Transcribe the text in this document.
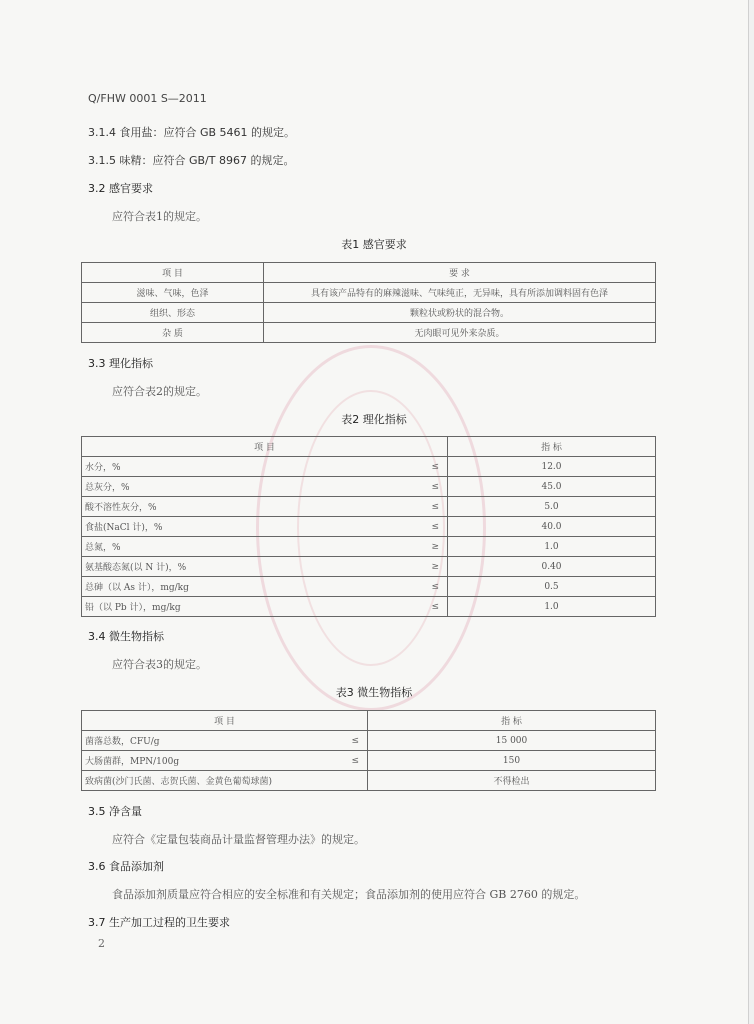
Q/FHW 0001 S—2011
3.1.4 食用盐：应符合 GB 5461 的规定。
3.1.5 味精：应符合 GB/T 8967 的规定。
3.2 感官要求
应符合表1的规定。
表1 感官要求
项 目	要 求
滋味、气味，色泽	具有该产品特有的麻辣滋味、气味纯正，无异味，具有所添加调料固有色泽
组织、形态	颗粒状或粉状的混合物。
杂 质	无肉眼可见外来杂质。
3.3 理化指标
应符合表2的规定。
表2 理化指标
项 目		指 标
水分，%	≤	12.0
总灰分，%	≤	45.0
酸不溶性灰分，%	≤	5.0
食盐(NaCl 计)，%	≤	40.0
总氮，%	≥	1.0
氨基酸态氮(以 N 计)，%	≥	0.40
总砷（以 As 计），mg/kg	≤	0.5
铅（以 Pb 计），mg/kg	≤	1.0
3.4 微生物指标
应符合表3的规定。
表3 微生物指标
项 目		指 标
菌落总数，CFU/g	≤	15 000
大肠菌群，MPN/100g	≤	150
致病菌(沙门氏菌、志贺氏菌、金黄色葡萄球菌)		不得检出
3.5 净含量
应符合《定量包装商品计量监督管理办法》的规定。
3.6 食品添加剂
食品添加剂质量应符合相应的安全标准和有关规定；食品添加剂的使用应符合 GB 2760 的规定。
3.7 生产加工过程的卫生要求
2
